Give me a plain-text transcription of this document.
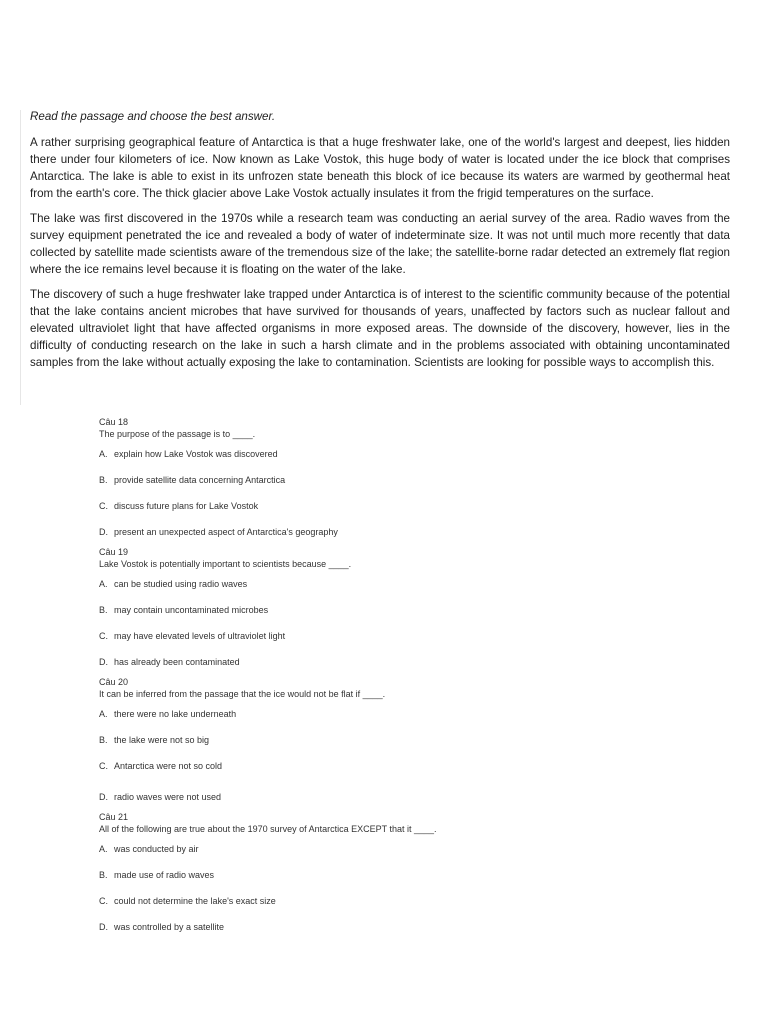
Read the passage and choose the best answer.

A rather surprising geographical feature of Antarctica is that a huge freshwater lake, one of the world's largest and deepest, lies hidden there under four kilometers of ice. Now known as Lake Vostok, this huge body of water is located under the ice block that comprises Antarctica. The lake is able to exist in its unfrozen state beneath this block of ice because its waters are warmed by geothermal heat from the earth's core. The thick glacier above Lake Vostok actually insulates it from the frigid temperatures on the surface.

The lake was first discovered in the 1970s while a research team was conducting an aerial survey of the area. Radio waves from the survey equipment penetrated the ice and revealed a body of water of indeterminate size. It was not until much more recently that data collected by satellite made scientists aware of the tremendous size of the lake; the satellite-borne radar detected an extremely flat region where the ice remains level because it is floating on the water of the lake.

The discovery of such a huge freshwater lake trapped under Antarctica is of interest to the scientific community because of the potential that the lake contains ancient microbes that have survived for thousands of years, unaffected by factors such as nuclear fallout and elevated ultraviolet light that have affected organisms in more exposed areas. The downside of the discovery, however, lies in the difficulty of conducting research on the lake in such a harsh climate and in the problems associated with obtaining uncontaminated samples from the lake without actually exposing the lake to contamination. Scientists are looking for possible ways to accomplish this.

Câu 18

The purpose of the passage is to ____.

A. explain how Lake Vostok was discovered

B. provide satellite data concerning Antarctica

C. discuss future plans for Lake Vostok

D. present an unexpected aspect of Antarctica's geography

Câu 19

Lake Vostok is potentially important to scientists because ____.

A. can be studied using radio waves

B. may contain uncontaminated microbes

C. may have elevated levels of ultraviolet light

D. has already been contaminated

Câu 20

It can be inferred from the passage that the ice would not be flat if ____.

A. there were no lake underneath

B. the lake were not so big

C. Antarctica were not so cold

D. radio waves were not used

Câu 21

All of the following are true about the 1970 survey of Antarctica EXCEPT that it ____.

A. was conducted by air

B. made use of radio waves

C. could not determine the lake's exact size

D. was controlled by a satellite
